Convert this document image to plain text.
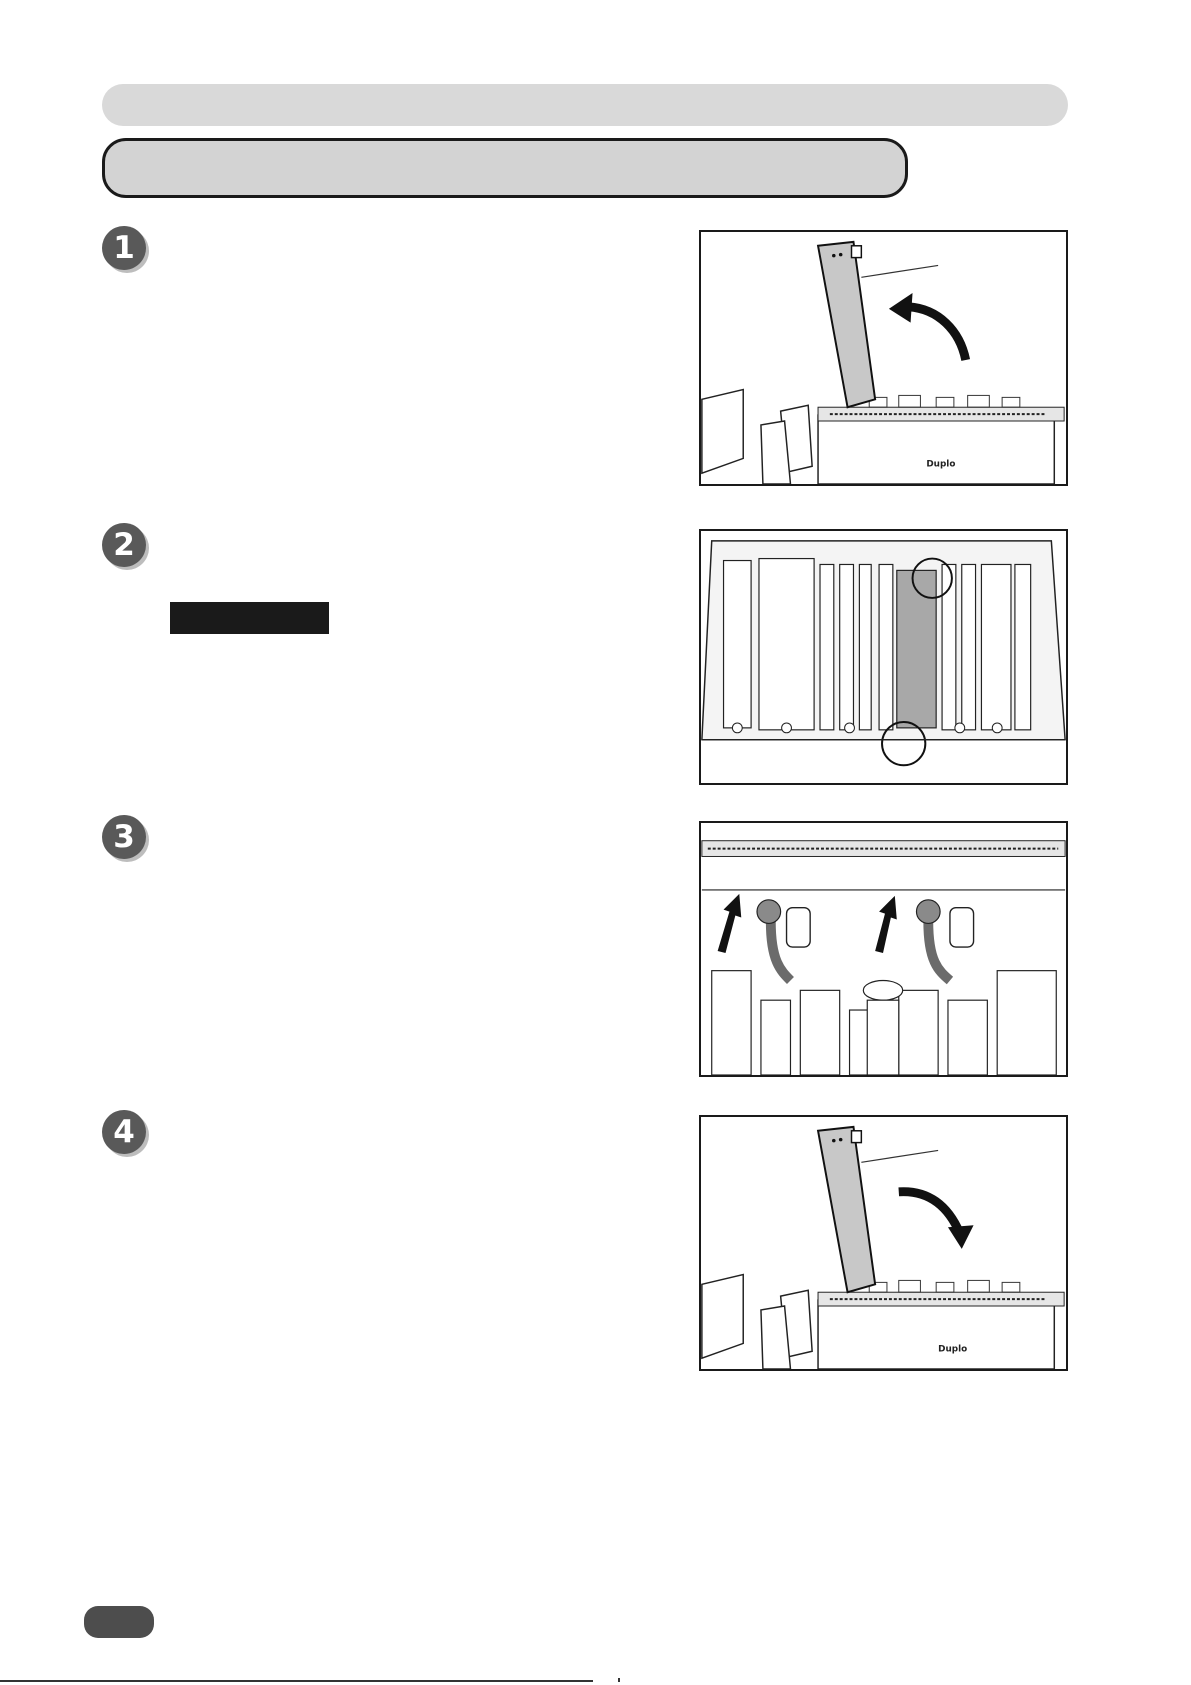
1
2
3
4
Duplo
Duplo
